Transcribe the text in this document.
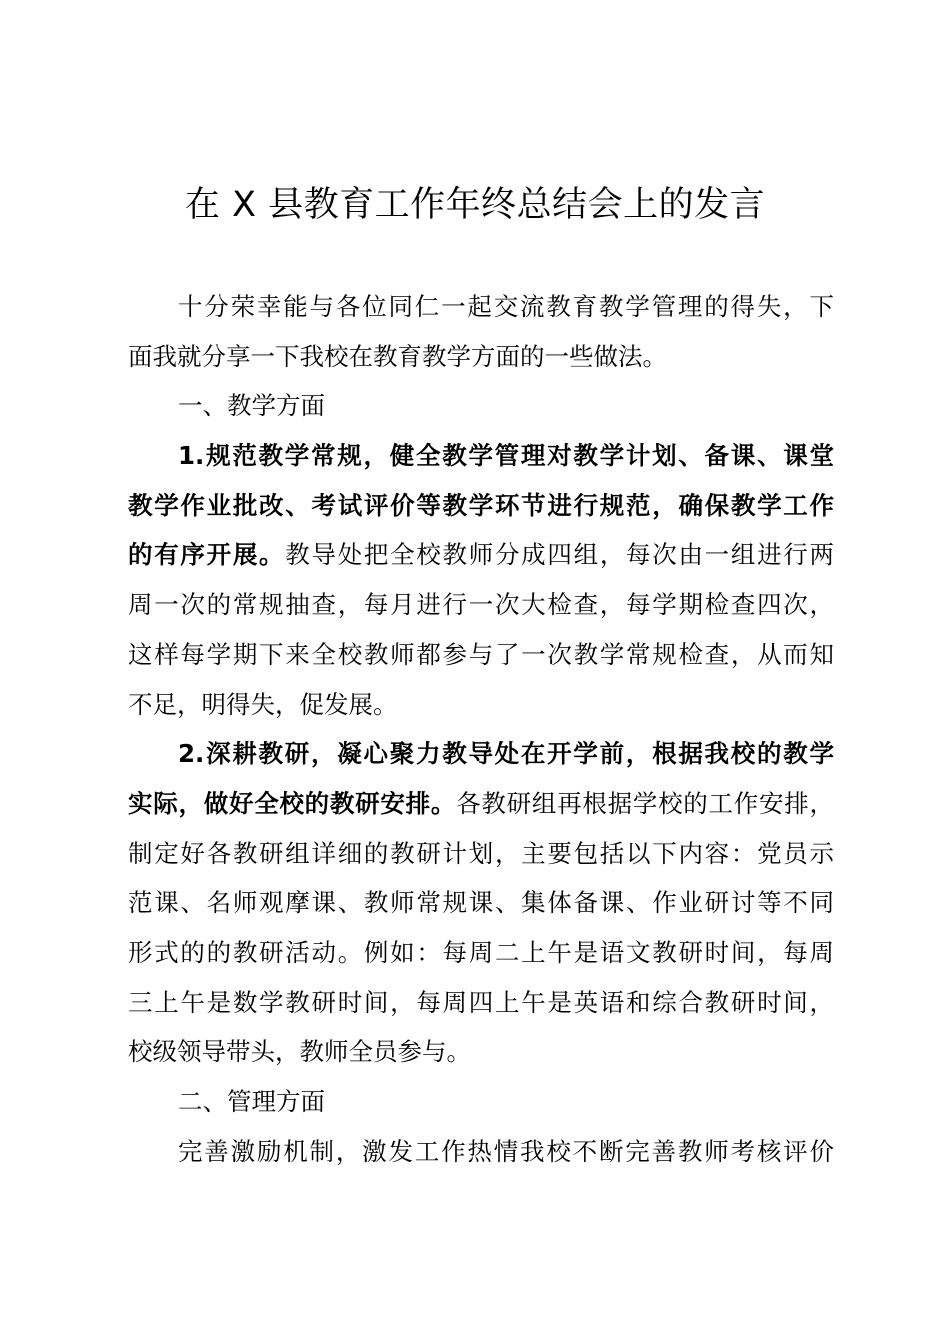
在 X 县教育工作年终总结会上的发言
十分荣幸能与各位同仁一起交流教育教学管理的得失，下
面我就分享一下我校在教育教学方面的一些做法。
一、教学方面
1.规范教学常规，健全教学管理对教学计划、备课、课堂
教学作业批改、考试评价等教学环节进行规范，确保教学工作
的有序开展。教导处把全校教师分成四组，每次由一组进行两
周一次的常规抽查，每月进行一次大检查，每学期检查四次，
这样每学期下来全校教师都参与了一次教学常规检查，从而知
不足，明得失，促发展。
2.深耕教研，凝心聚力教导处在开学前，根据我校的教学
实际，做好全校的教研安排。各教研组再根据学校的工作安排，
制定好各教研组详细的教研计划，主要包括以下内容：党员示
范课、名师观摩课、教师常规课、集体备课、作业研讨等不同
形式的的教研活动。例如：每周二上午是语文教研时间，每周
三上午是数学教研时间，每周四上午是英语和综合教研时间，
校级领导带头，教师全员参与。
二、管理方面
完善激励机制，激发工作热情我校不断完善教师考核评价
